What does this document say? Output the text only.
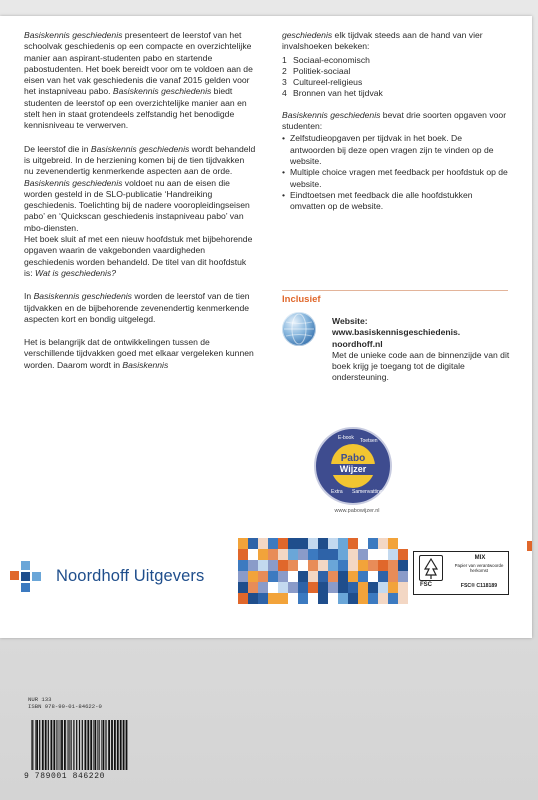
Basiskennis geschiedenis presenteert de leerstof van het schoolvak geschiedenis op een compacte en overzichtelijke manier aan aspirant-studenten pabo en startende pabostudenten. Het boek bereidt voor om te voldoen aan de eisen van het vak geschiedenis die vanaf 2015 gelden voor het instapniveau pabo. Basiskennis geschiedenis biedt studenten de leerstof op een overzichtelijke manier aan en stelt hen in staat grotendeels zelfstandig het benodigde kennisniveau te verwerven.

De leerstof die in Basiskennis geschiedenis wordt behandeld is uitgebreid. In de herziening komen bij de tien tijdvakken nu zevenendertig kenmerkende aspecten aan de orde. Basiskennis geschiedenis voldoet nu aan de eisen die worden gesteld in de SLO-publicatie ‘Handreiking geschiedenis. Toelichting bij de nadere vooropleidingseisen pabo’ en ‘Quickscan geschiedenis instapniveau pabo’ van mbo-diensten.
Het boek sluit af met een nieuw hoofdstuk met bijbehorende opgaven waarin de vakgebonden vaardigheden geschiedenis worden behandeld. De titel van dit hoofdstuk is: Wat is geschiedenis?

In Basiskennis geschiedenis worden de leerstof van de tien tijdvakken en de bijbehorende zevenendertig kenmerkende aspecten kort en bondig uitgelegd.

Het is belangrijk dat de ontwikkelingen tussen de verschillende tijdvakken goed met elkaar vergeleken kunnen worden. Daarom wordt in Basiskennis

geschiedenis elk tijdvak steeds aan de hand van vier invalshoeken bekeken:

1 Sociaal-economisch
2 Politiek-sociaal
3 Cultureel-religieus
4 Bronnen van het tijdvak

Basiskennis geschiedenis bevat drie soorten opgaven voor studenten:

• Zelfstudieopgaven per tijdvak in het boek. De antwoorden bij deze open vragen zijn te vinden op de website.
• Multiple choice vragen met feedback per hoofdstuk op de website.
• Eindtoetsen met feedback die alle hoofdstukken omvatten op de website.
Inclusief
Website:
www.basiskennisgeschiedenis.
noordhoff.nl
Met de unieke code aan de binnenzijde van dit boek krijg je toegang tot de digitale ondersteuning.
E-book Toetsen
Extra Samenvatting
Pabo
Wijzer
www.pabowijzer.nl
Noordhoff Uitgevers	FSC
MIX
Papier van verantwoorde herkomst
FSC® C118189
NUR 133
ISBN 978-90-01-84622-0
9 789001 846220
